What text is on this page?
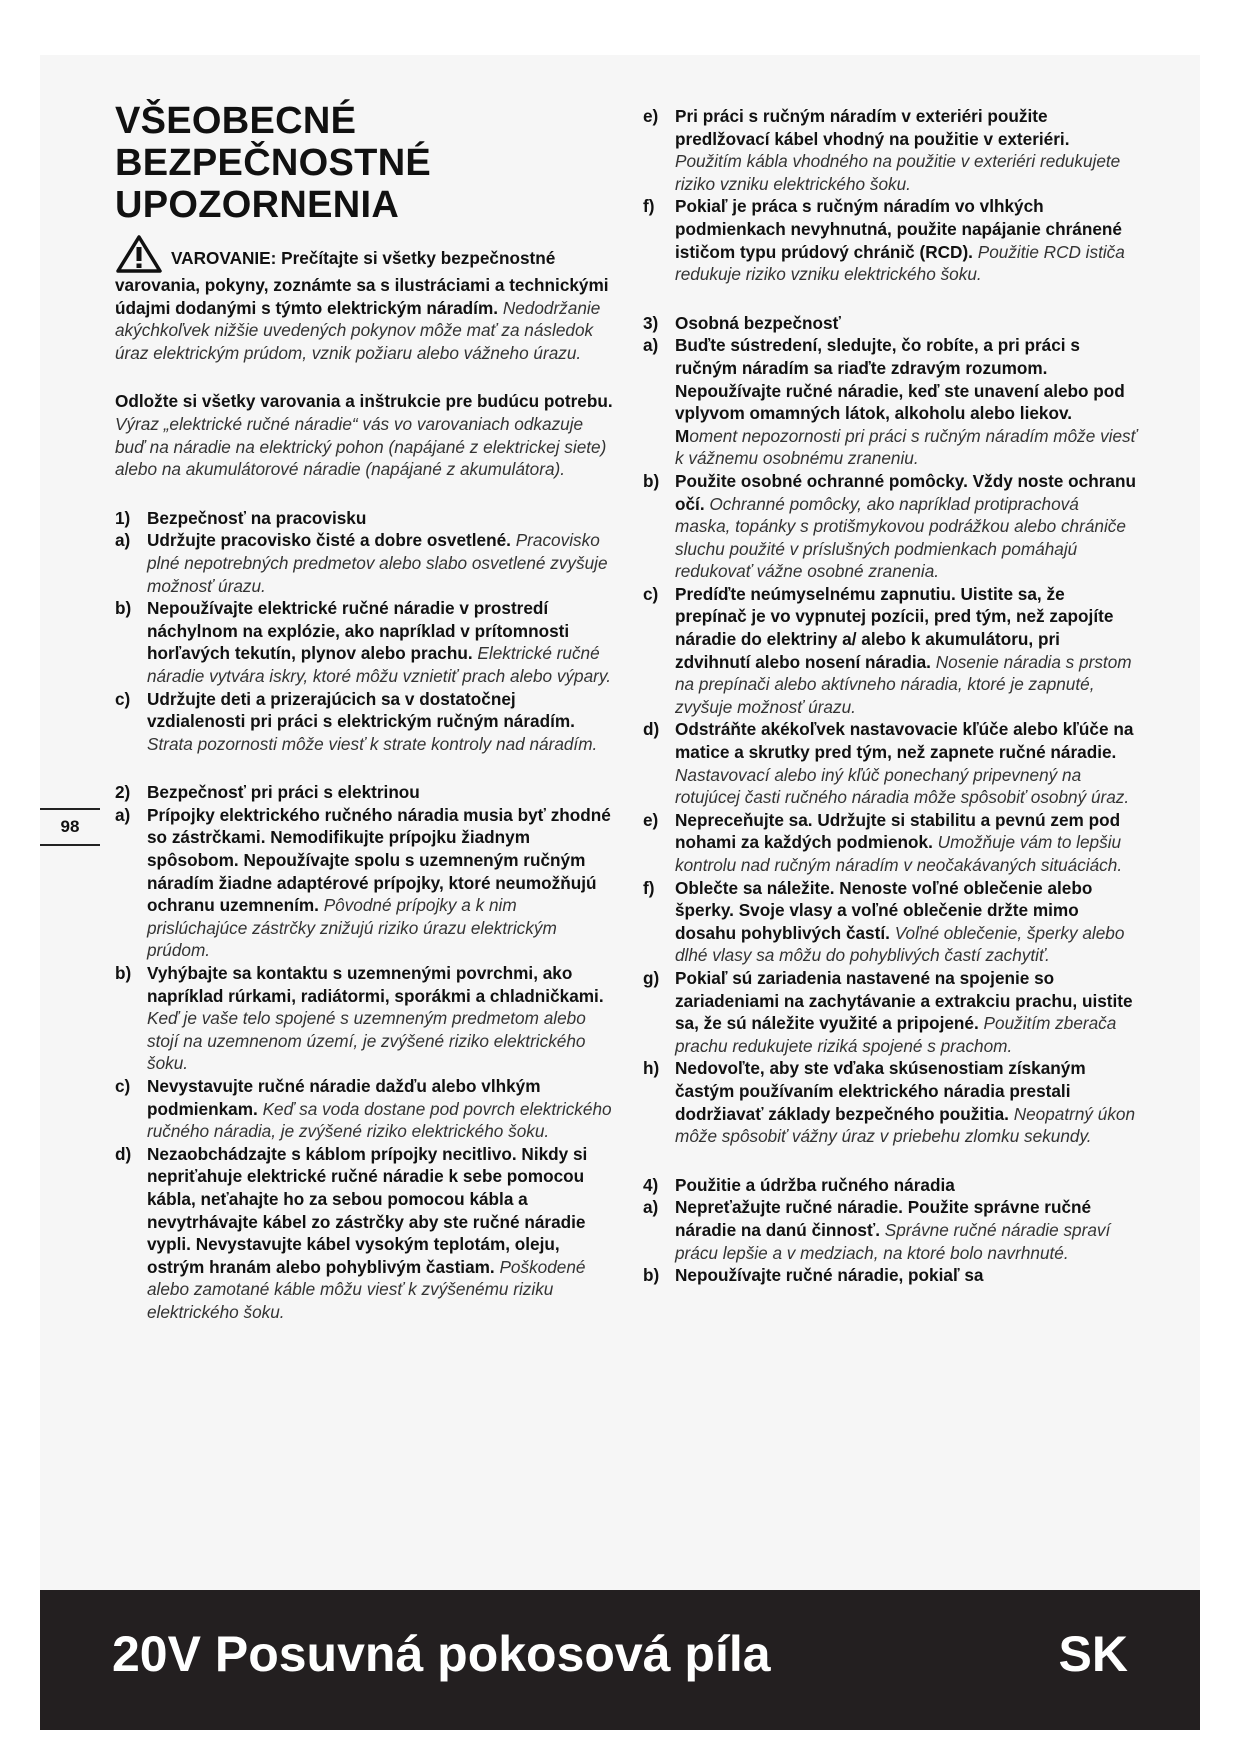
98
VŠEOBECNÉ
BEZPEČNOSTNÉ
UPOZORNENIA

VAROVANIE: Prečítajte si všetky bezpečnostné varovania, pokyny, zoznámte sa s ilustráciami a technickými údajmi dodanými s týmto elektrickým náradím. Nedodržanie akýchkoľvek nižšie uvedených pokynov môže mať za následok úraz elektrickým prúdom, vznik požiaru alebo vážneho úrazu.

Odložte si všetky varovania a inštrukcie pre budúcu potrebu.
Výraz „elektrické ručné náradie“ vás vo varovaniach odkazuje buď na náradie na elektrický pohon (napájané z elektrickej siete) alebo na akumulátorové náradie (napájané z akumulátora).

1) Bezpečnosť na pracovisku
a) Udržujte pracovisko čisté a dobre osvetlené. Pracovisko plné nepotrebných predmetov alebo slabo osvetlené zvyšuje možnosť úrazu.
b) Nepoužívajte elektrické ručné náradie v prostredí náchylnom na explózie, ako napríklad v prítomnosti horľavých tekutín, plynov alebo prachu. Elektrické ručné náradie vytvára iskry, ktoré môžu vznietiť prach alebo výpary.
c) Udržujte deti a prizerajúcich sa v dostatočnej vzdialenosti pri práci s elektrickým ručným náradím. Strata pozornosti môže viesť k strate kontroly nad náradím.
2) Bezpečnosť pri práci s elektrinou
a) Prípojky elektrického ručného náradia musia byť zhodné so zástrčkami. Nemodifikujte prípojku žiadnym spôsobom. Nepoužívajte spolu s uzemneným ručným náradím žiadne adaptérové prípojky, ktoré neumožňujú ochranu uzemnením. Pôvodné prípojky a k nim prislúchajúce zástrčky znižujú riziko úrazu elektrickým prúdom.
b) Vyhýbajte sa kontaktu s uzemnenými povrchmi, ako napríklad rúrkami, radiátormi, sporákmi a chladničkami. Keď je vaše telo spojené s uzemneným predmetom alebo stojí na uzemnenom území, je zvýšené riziko elektrického šoku.
c) Nevystavujte ručné náradie dažďu alebo vlhkým podmienkam. Keď sa voda dostane pod povrch elektrického ručného náradia, je zvýšené riziko elektrického šoku.
d) Nezaobchádzajte s káblom prípojky necitlivo. Nikdy si nepriťahuje elektrické ručné náradie k sebe pomocou kábla, neťahajte ho za sebou pomocou kábla a nevytrhávajte kábel zo zástrčky aby ste ručné náradie vypli. Nevystavujte kábel vysokým teplotám, oleju, ostrým hranám alebo pohyblivým častiam. Poškodené alebo zamotané káble môžu viesť k zvýšenému riziku elektrického šoku.
e) Pri práci s ručným náradím v exteriéri použite predlžovací kábel vhodný na použitie v exteriéri. Použitím kábla vhodného na použitie v exteriéri redukujete riziko vzniku elektrického šoku.
f) Pokiaľ je práca s ručným náradím vo vlhkých podmienkach nevyhnutná, použite napájanie chránené ističom typu prúdový chránič (RCD). Použitie RCD ističa redukuje riziko vzniku elektrického šoku.
3) Osobná bezpečnosť
a) Buďte sústredení, sledujte, čo robíte, a pri práci s ručným náradím sa riaďte zdravým rozumom. Nepoužívajte ručné náradie, keď ste unavení alebo pod vplyvom omamných látok, alkoholu alebo liekov. Moment nepozornosti pri práci s ručným náradím môže viesť k vážnemu osobnému zraneniu.
b) Použite osobné ochranné pomôcky. Vždy noste ochranu očí. Ochranné pomôcky, ako napríklad protiprachová maska, topánky s protišmykovou podrážkou alebo chrániče sluchu použité v príslušných podmienkach pomáhajú redukovať vážne osobné zranenia.
c) Predíďte neúmyselnému zapnutiu. Uistite sa, že prepínač je vo vypnutej pozícii, pred tým, než zapojíte náradie do elektriny a/ alebo k akumulátoru, pri zdvihnutí alebo nosení náradia. Nosenie náradia s prstom na prepínači alebo aktívneho náradia, ktoré je zapnuté, zvyšuje možnosť úrazu.
d) Odstráňte akékoľvek nastavovacie kľúče alebo kľúče na matice a skrutky pred tým, než zapnete ručné náradie. Nastavovací alebo iný kľúč ponechaný pripevnený na rotujúcej časti ručného náradia môže spôsobiť osobný úraz.
e) Nepreceňujte sa. Udržujte si stabilitu a pevnú zem pod nohami za každých podmienok. Umožňuje vám to lepšiu kontrolu nad ručným náradím v neočakávaných situáciách.
f) Oblečte sa náležite. Nenoste voľné oblečenie alebo šperky. Svoje vlasy a voľné oblečenie držte mimo dosahu pohyblivých častí. Voľné oblečenie, šperky alebo dlhé vlasy sa môžu do pohyblivých častí zachytiť.
g) Pokiaľ sú zariadenia nastavené na spojenie so zariadeniami na zachytávanie a extrakciu prachu, uistite sa, že sú náležite využité a pripojené. Použitím zberača prachu redukujete riziká spojené s prachom.
h) Nedovoľte, aby ste vďaka skúsenostiam získaným častým používaním elektrického náradia prestali dodržiavať základy bezpečného použitia. Neopatrný úkon môže spôsobiť vážny úraz v priebehu zlomku sekundy.
4) Použitie a údržba ručného náradia
a) Nepreťažujte ručné náradie. Použite správne ručné náradie na danú činnosť. Správne ručné náradie spraví prácu lepšie a v medziach, na ktoré bolo navrhnuté.
b) Nepoužívajte ručné náradie, pokiaľ sa
20V Posuvná pokosová píla	SK
